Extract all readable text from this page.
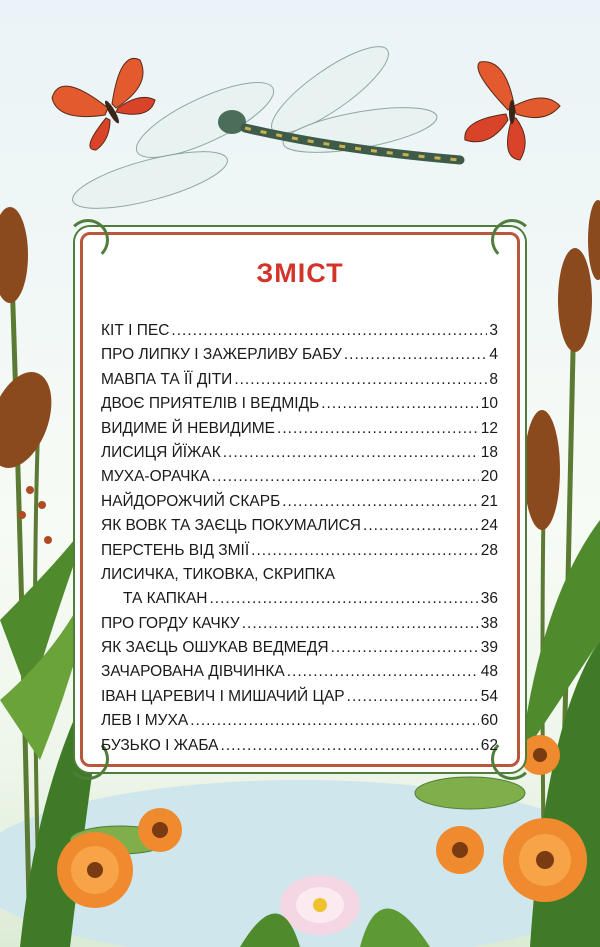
ЗМІСТ
КІТ І ПЕС .....	3
ПРО ЛИПКУ І ЗАЖЕРЛИВУ БАБУ .....	4
МАВПА ТА ЇЇ ДІТИ .....	8
ДВОЄ ПРИЯТЕЛІВ І ВЕДМІДЬ .....	10
ВИДИМЕ Й НЕВИДИМЕ .....	12
ЛИСИЦЯ ЙЇЖАК .....	18
МУХА-ОРАЧКА .....	20
НАЙДОРОЖЧИЙ СКАРБ .....	21
ЯК ВОВК ТА ЗАЄЦЬ ПОКУМАЛИСЯ .....	24
ПЕРСТЕНЬ ВІД ЗМІЇ .....	28
ЛИСИЧКА, ТИКОВКА, СКРИПКА
ТА КАПКАН .....	36
ПРО ГОРДУ КАЧКУ .....	38
ЯК ЗАЄЦЬ ОШУКАВ ВЕДМЕДЯ .....	39
ЗАЧАРОВАНА ДІВЧИНКА .....	48
ІВАН ЦАРЕВИЧ І МИШАЧИЙ ЦАР .....	54
ЛЕВ І МУХА .....	60
БУЗЬКО І ЖАБА .....	62
